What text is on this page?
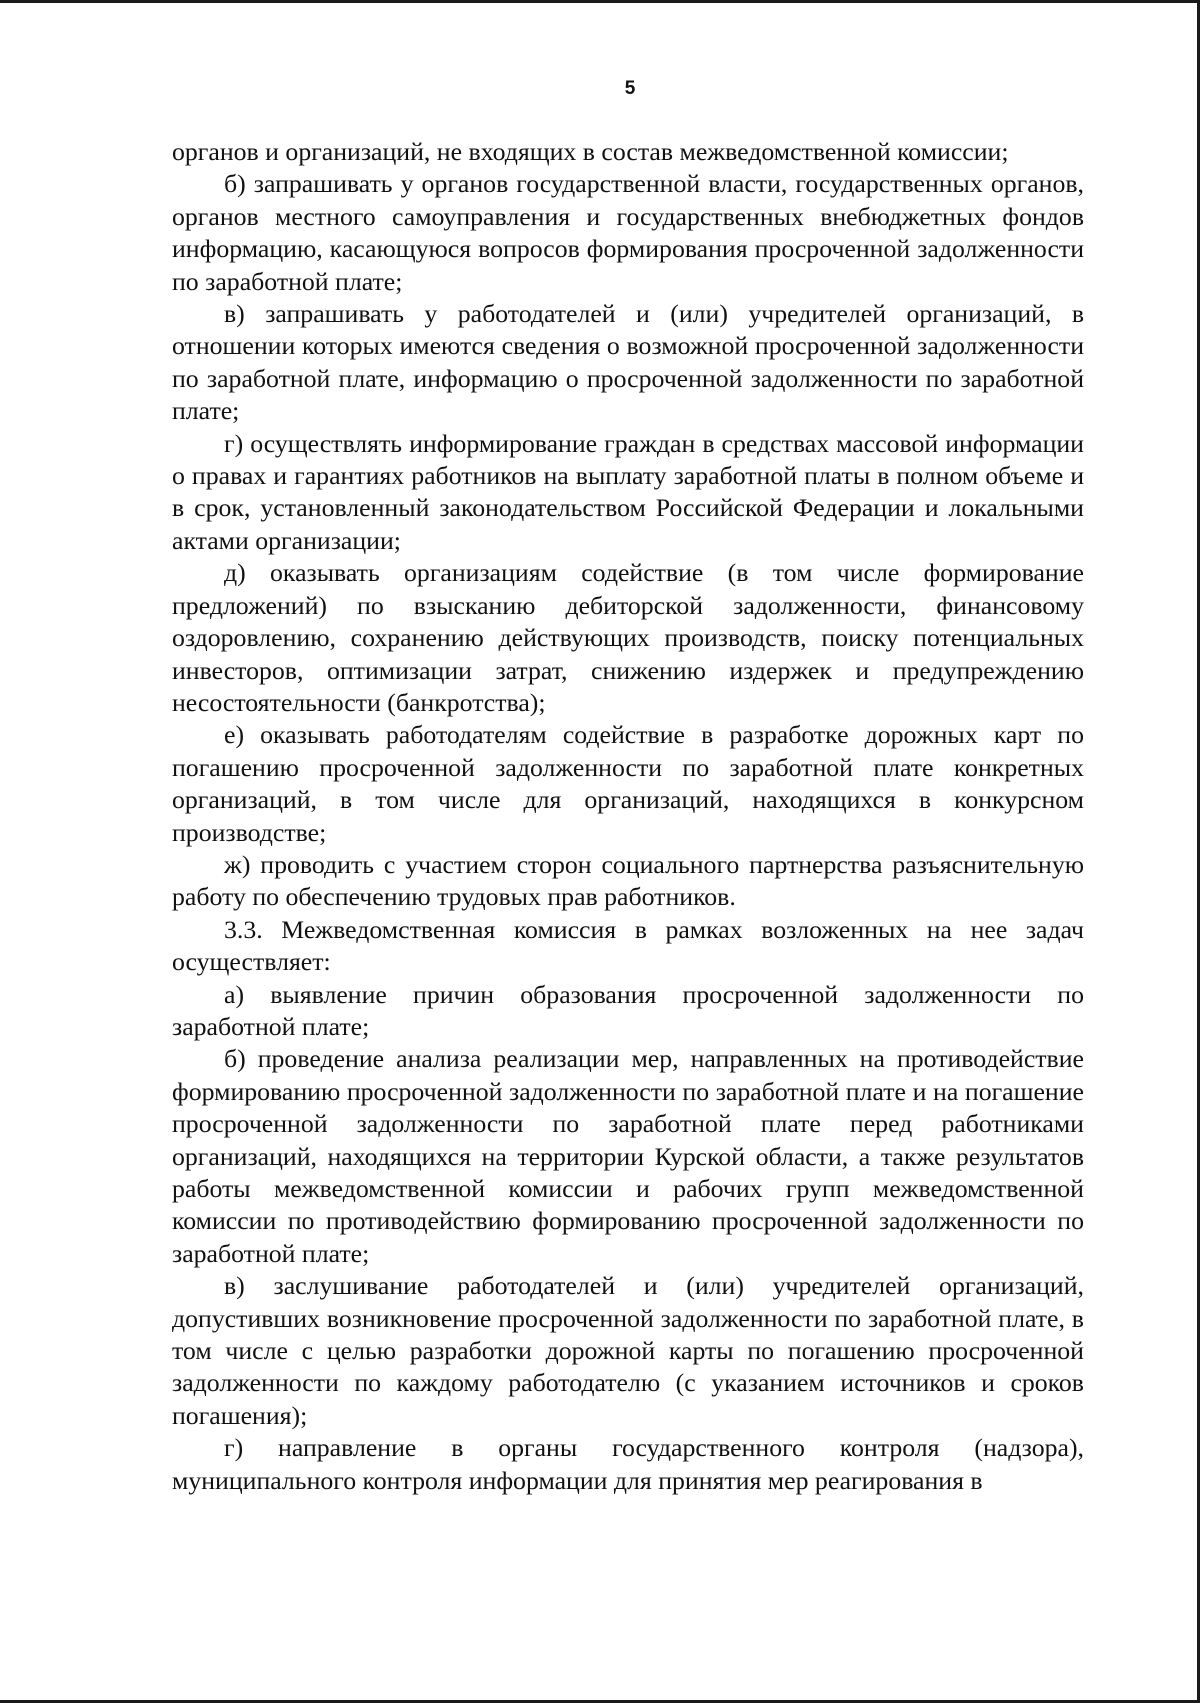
5

органов и организаций, не входящих в состав межведомственной комиссии;

б) запрашивать у органов государственной власти, государственных органов, органов местного самоуправления и государственных внебюджетных фондов информацию, касающуюся вопросов формирования просроченной задолженности по заработной плате;

в) запрашивать у работодателей и (или) учредителей организаций, в отношении которых имеются сведения о возможной просроченной задолженности по заработной плате, информацию о просроченной задолженности по заработной плате;

г) осуществлять информирование граждан в средствах массовой информации о правах и гарантиях работников на выплату заработной платы в полном объеме и в срок, установленный законодательством Российской Федерации и локальными актами организации;

д) оказывать организациям содействие (в том числе формирование предложений) по взысканию дебиторской задолженности, финансовому оздоровлению, сохранению действующих производств, поиску потенциальных инвесторов, оптимизации затрат, снижению издержек и предупреждению несостоятельности (банкротства);

е) оказывать работодателям содействие в разработке дорожных карт по погашению просроченной задолженности по заработной плате конкретных организаций, в том числе для организаций, находящихся в конкурсном производстве;

ж) проводить с участием сторон социального партнерства разъяснительную работу по обеспечению трудовых прав работников.

3.3. Межведомственная комиссия в рамках возложенных на нее задач осуществляет:

а) выявление причин образования просроченной задолженности по заработной плате;

б) проведение анализа реализации мер, направленных на противодействие формированию просроченной задолженности по заработной плате и на погашение просроченной задолженности по заработной плате перед работниками организаций, находящихся на территории Курской области, а также результатов работы межведомственной комиссии и рабочих групп межведомственной комиссии по противодействию формированию просроченной задолженности по заработной плате;

в) заслушивание работодателей и (или) учредителей организаций, допустивших возникновение просроченной задолженности по заработной плате, в том числе с целью разработки дорожной карты по погашению просроченной задолженности по каждому работодателю (с указанием источников и сроков погашения);

г) направление в органы государственного контроля (надзора), муниципального контроля информации для принятия мер реагирования в
